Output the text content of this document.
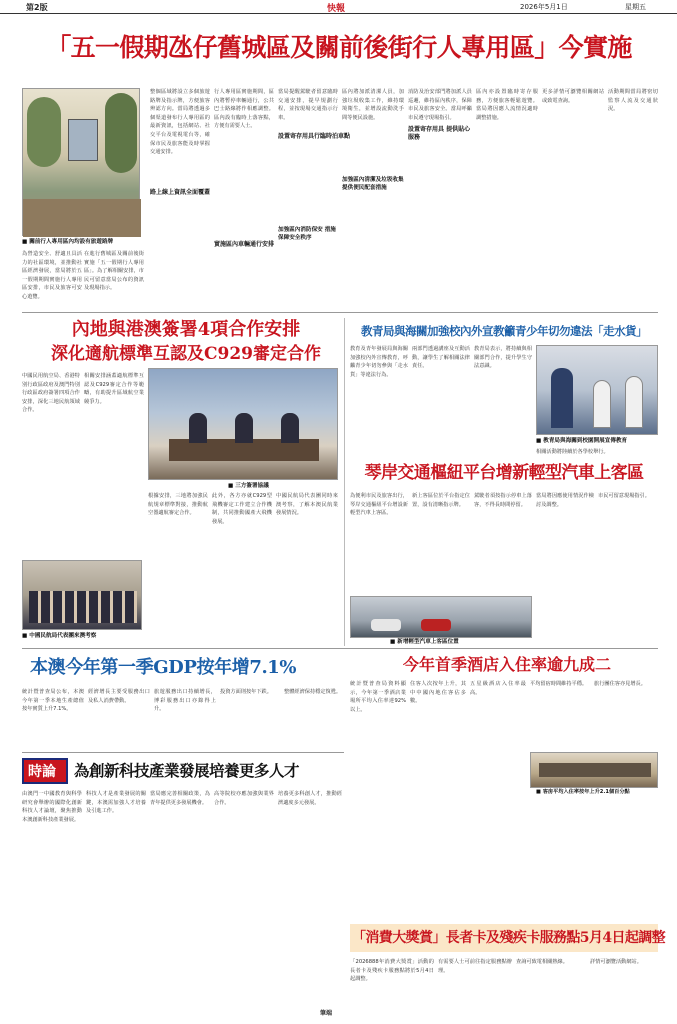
第2版	快報	2026年5月1日	星期五
「五一假期氹仔舊城區及關前後街行人專用區」今實施
■ 關前行人專用區內均設有旅遊路牌
為營造安全、舒適且具活力的社區環境，並推動社區經濟發展，當局將於五一假期期間實施行人專用區安排，市民及旅客可安心遊覽。
在進行舊城區及關前後街實施「五一假期行人專用區」。為了解相關安排，市民可留意當局公布的資訊及現場指示。
整個區域將設立多個旅遊路牌及指示牌，方便旅客辨認方向。當局將透過多個渠道發布行人專用區的最新資訊，包括網站、社交平台及電視電台等，確保市民及旅客能及時掌握交通安排。
路上線上資訊全面覆蓋
行人專用區實施期間，區內將暫停車輛通行，公共巴士路線將作相應調整。區內設有臨時上落客點，方便有需要人士。
實施區內車輛通行安排
當局提醒駕駛者留意臨時交通安排，提早規劃行程，並按現場交通指示行車。
設置寄存用具行臨時泊車點
區內將加派清潔人員，加強垃圾收集工作，維持環境衛生，並增設流動洗手間等便民設施。
加強區內清潔及垃圾收集 提供便民配套措施
加強區內消防保安 措施保障安全秩序
消防及治安部門將加派人員巡邏，維持區內秩序，保障市民及旅客安全。當局呼籲市民遵守現場指引。
設置寄存用具 提供貼心服務
區內亦設置臨時寄存服務，方便旅客輕鬆遊覽。當局將因應人流情況適時調整措施。
更多詳情可瀏覽相關網站或致電查詢。
活動期間當局將密切監察人流及交通狀況。
內地與港澳簽署4項合作安排
深化適航標準互認及C929審定合作
中國民用航空局、香港特別行政區政府及澳門特別行政區政府簽署四項合作安排，深化三地民航領域合作。
相關安排涵蓋適航標準互認及C929審定合作等範疇，有助提升區域航空業競爭力。
■ 三方簽署協議
根據安排，三地將加強民航規章標準對接，推動航空器適航審定合作。
此外，各方亦就C929型飛機審定工作建立合作機制，共同推動國產大飛機發展。
中國民航局代表團同時來澳考察，了解本澳民航業發展情況。
■ 中國民航局代表團來澳考察
教青局與海關加強校內外宣教籲青少年切勿違法「走水貨」
教育及青年發展局與海關加強校內外宣傳教育，呼籲青少年切勿參與「走水貨」等違法行為。
兩部門透過講座及互動活動，讓學生了解相關法律責任。
教青局表示，將持續與相關部門合作，提升學生守法意識。
■ 教青局與海關到校園開展宣傳教育
相關活動將陸續於各學校舉行。
琴岸交通樞紐平台增新輕型汽車上客區
為便利市民及旅客出行，琴岸交通樞紐平台增設新輕型汽車上客區。
新上客區位於平台指定位置，設有清晰指示牌。
駕駛者須按指示停車上落客，不得長時間停留。
當局將因應使用情況作檢討及調整。
市民可留意現場指引。
■ 新增輕型汽車上客區位置
本澳今年第一季GDP按年增7.1%
統計暨普查局公布，本澳今年第一季本地生產總值按年實質上升7.1%。
經濟增長主要受服務出口及私人消費帶動。
旅遊服務出口持續增長，博彩服務出口亦錄得上升。
投資方面則按年下跌。	整體經濟保持穩定復甦。
今年首季酒店入住率逾九成二
統計暨普查局資料顯示，今年第一季酒店業場所平均入住率達92%以上。
住客人次按年上升，其中中國內地住客佔多數。
五星級酒店入住率最高。
平均留宿時間維持平穩。	旅行團住客亦見增長。
■ 客房平均入住率按年上升2.1個百分點
時論 為創新科技產業發展培養更多人才
由澳門一中國教育與科學研究會舉辦的國際化創新科技人才論壇，聚焦推動本澳創新科技產業發展。
科技人才是產業發展的關鍵，本澳需加強人才培養及引進工作。
當局應完善相關政策，為青年提供更多發展機會。
高等院校亦應加強與業界合作。
培養更多科創人才，推動經濟適度多元發展。
筆端
「消費大獎賞」長者卡及殘疾卡服務點5月4日起調整
「2026888年消費大獎賞」活動的長者卡及殘疾卡服務點將於5月4日起調整。
有需要人士可前往指定服務點辦理。
查詢可致電相關熱線。	詳情可瀏覽活動網站。
